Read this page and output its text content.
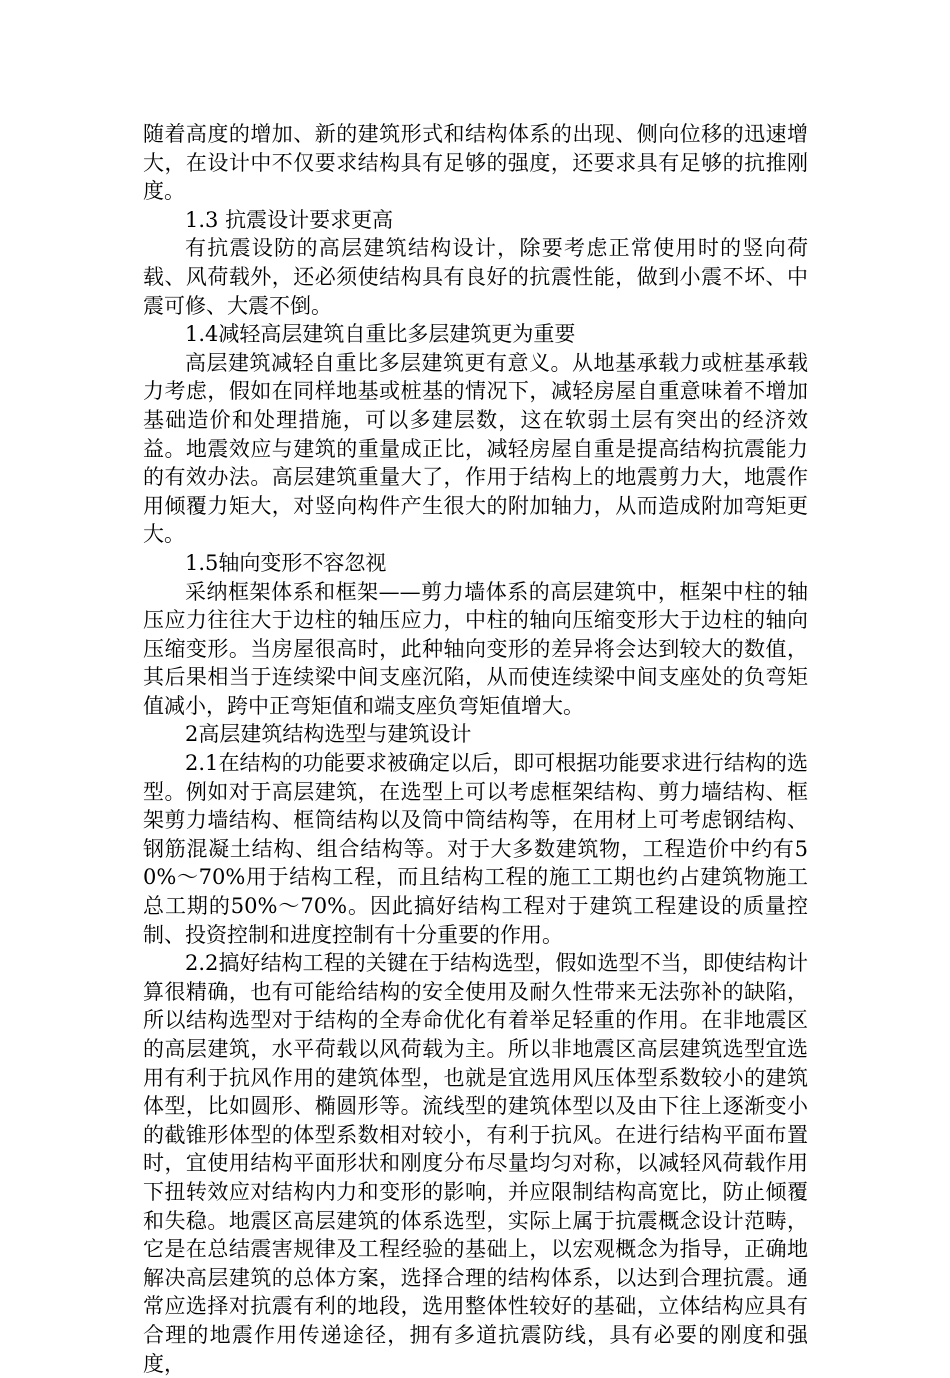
随着高度的增加、新的建筑形式和结构体系的出现、侧向位移的迅速增大，在设计中不仅要求结构具有足够的强度，还要求具有足够的抗推刚度。

1.3 抗震设计要求更高

有抗震设防的高层建筑结构设计，除要考虑正常使用时的竖向荷载、风荷载外，还必须使结构具有良好的抗震性能，做到小震不坏、中震可修、大震不倒。

1.4减轻高层建筑自重比多层建筑更为重要

高层建筑减轻自重比多层建筑更有意义。从地基承载力或桩基承载力考虑，假如在同样地基或桩基的情况下，减轻房屋自重意味着不增加基础造价和处理措施，可以多建层数，这在软弱土层有突出的经济效益。地震效应与建筑的重量成正比，减轻房屋自重是提高结构抗震能力的有效办法。高层建筑重量大了，作用于结构上的地震剪力大，地震作用倾覆力矩大，对竖向构件产生很大的附加轴力，从而造成附加弯矩更大。

1.5轴向变形不容忽视

采纳框架体系和框架——剪力墙体系的高层建筑中，框架中柱的轴压应力往往大于边柱的轴压应力，中柱的轴向压缩变形大于边柱的轴向压缩变形。当房屋很高时，此种轴向变形的差异将会达到较大的数值，其后果相当于连续梁中间支座沉陷，从而使连续梁中间支座处的负弯矩值减小，跨中正弯矩值和端支座负弯矩值增大。

2高层建筑结构选型与建筑设计

2.1在结构的功能要求被确定以后，即可根据功能要求进行结构的选型。例如对于高层建筑，在选型上可以考虑框架结构、剪力墙结构、框架剪力墙结构、框筒结构以及筒中筒结构等，在用材上可考虑钢结构、钢筋混凝土结构、组合结构等。对于大多数建筑物，工程造价中约有50%～70%用于结构工程，而且结构工程的施工工期也约占建筑物施工总工期的50%～70%。因此搞好结构工程对于建筑工程建设的质量控制、投资控制和进度控制有十分重要的作用。

2.2搞好结构工程的关键在于结构选型，假如选型不当，即使结构计算很精确，也有可能给结构的安全使用及耐久性带来无法弥补的缺陷，所以结构选型对于结构的全寿命优化有着举足轻重的作用。在非地震区的高层建筑，水平荷载以风荷载为主。所以非地震区高层建筑选型宜选用有利于抗风作用的建筑体型，也就是宜选用风压体型系数较小的建筑体型，比如圆形、椭圆形等。流线型的建筑体型以及由下往上逐渐变小的截锥形体型的体型系数相对较小，有利于抗风。在进行结构平面布置时，宜使用结构平面形状和刚度分布尽量均匀对称，以减轻风荷载作用下扭转效应对结构内力和变形的影响，并应限制结构高宽比，防止倾覆和失稳。地震区高层建筑的体系选型，实际上属于抗震概念设计范畴，它是在总结震害规律及工程经验的基础上，以宏观概念为指导，正确地解决高层建筑的总体方案，选择合理的结构体系，以达到合理抗震。通常应选择对抗震有利的地段，选用整体性较好的基础，立体结构应具有合理的地震作用传递途径，拥有多道抗震防线，具有必要的刚度和强度，
